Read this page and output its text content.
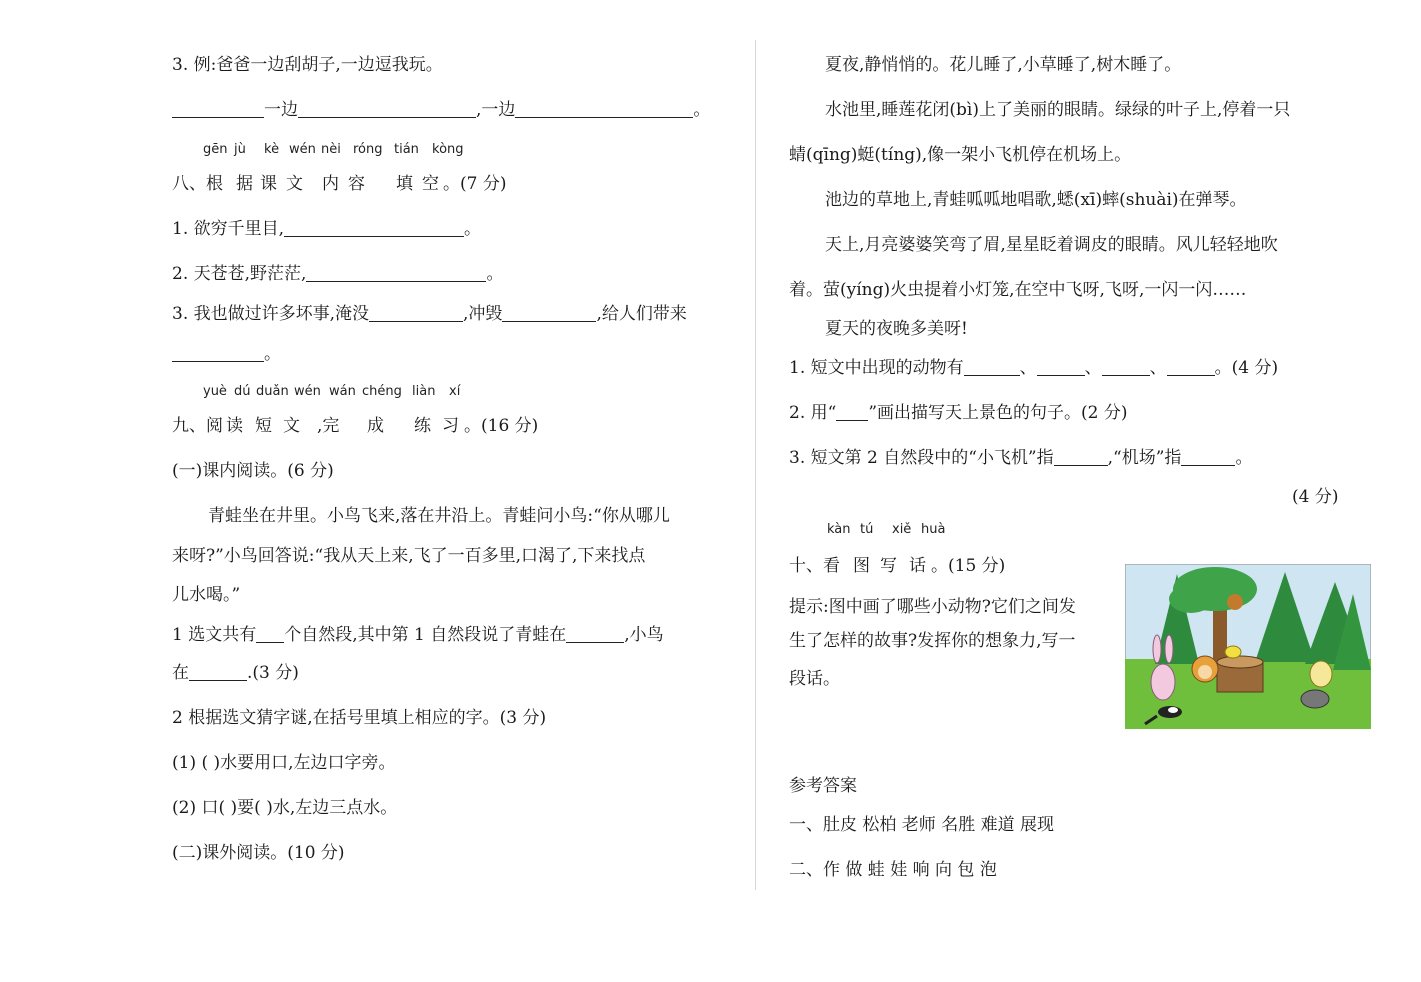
3. 例:爸爸一边刮胡子,一边逗我玩。
一边	,一边	。
gēn jù kè wén nèi róng tián kòng
八、根 据 课 文 内 容 填 空 。(7 分)
1. 欲穷千里目,	。
2. 天苍苍,野茫茫,	。
3. 我也做过许多坏事,淹没	,冲毁	,给人们带来
。
yuè dú duǎn wén wán chéng liàn xí
九、阅 读 短 文 ,完 成 练 习 。(16 分)
(一)课内阅读。(6 分)
青蛙坐在井里。小鸟飞来,落在井沿上。青蛙问小鸟:“你从哪儿
来呀?”小鸟回答说:“我从天上来,飞了一百多里,口渴了,下来找点
儿水喝。”
1 选文共有 个自然段,其中第 1 自然段说了青蛙在	,小鸟
在	.(3 分)
2 根据选文猜字谜,在括号里填上相应的字。(3 分)
(1) ( )水要用口,左边口字旁。
(2) 口( )要( )水,左边三点水。
(二)课外阅读。(10 分)
夏夜,静悄悄的。花儿睡了,小草睡了,树木睡了。
水池里,睡莲花闭(bì)上了美丽的眼睛。绿绿的叶子上,停着一只
蜻(qīng)蜓(tíng),像一架小飞机停在机场上。
池边的草地上,青蛙呱呱地唱歌,蟋(xī)蟀(shuài)在弹琴。
天上,月亮婆婆笑弯了眉,星星眨着调皮的眼睛。风儿轻轻地吹
着。萤(yíng)火虫提着小灯笼,在空中飞呀,飞呀,一闪一闪……
夏天的夜晚多美呀!
1. 短文中出现的动物有	、	、	、	。(4 分)
2. 用“ ”画出描写天上景色的句子。(2 分)
3. 短文第 2 自然段中的“小飞机”指	,“机场”指	。
(4 分)
kàn tú xiě huà
十、看 图 写 话 。(15 分)
提示:图中画了哪些小动物?它们之间发
生了怎样的故事?发挥你的想象力,写一
段话。
参考答案
一、肚皮 松柏 老师 名胜 难道 展现
二、作 做 蛙 娃 响 向 包 泡
